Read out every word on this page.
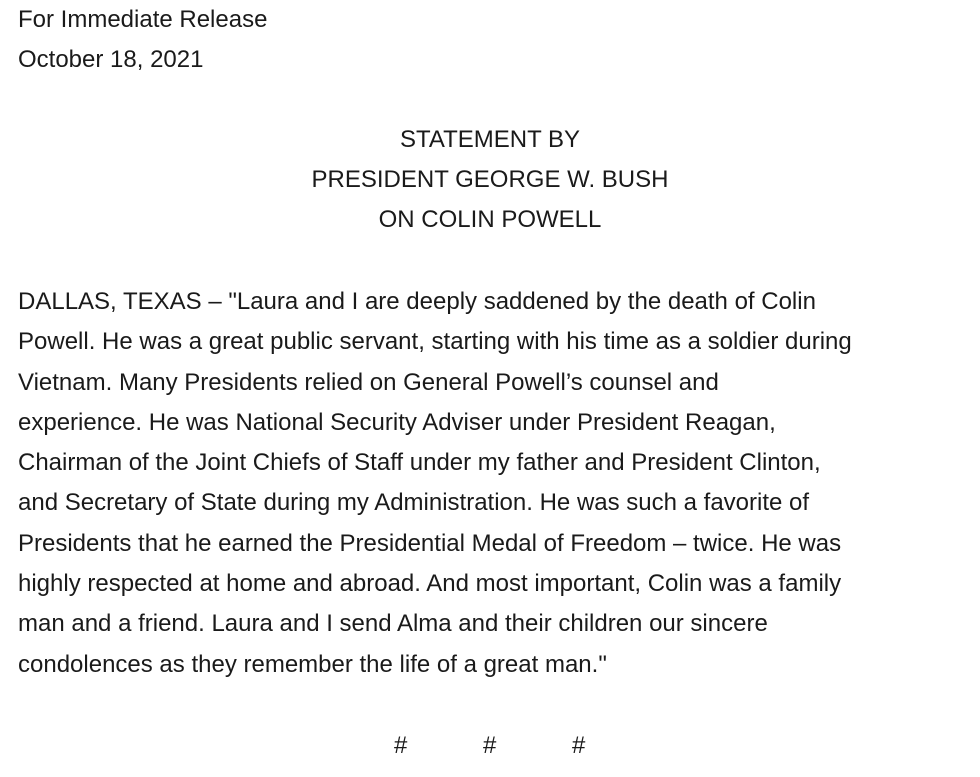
For Immediate Release
October 18, 2021
STATEMENT BY
PRESIDENT GEORGE W. BUSH
ON COLIN POWELL
DALLAS, TEXAS – "Laura and I are deeply saddened by the death of Colin
Powell. He was a great public servant, starting with his time as a soldier during
Vietnam. Many Presidents relied on General Powell’s counsel and
experience. He was National Security Adviser under President Reagan,
Chairman of the Joint Chiefs of Staff under my father and President Clinton,
and Secretary of State during my Administration. He was such a favorite of
Presidents that he earned the Presidential Medal of Freedom – twice. He was
highly respected at home and abroad. And most important, Colin was a family
man and a friend. Laura and I send Alma and their children our sincere
condolences as they remember the life of a great man."
#	#	#
